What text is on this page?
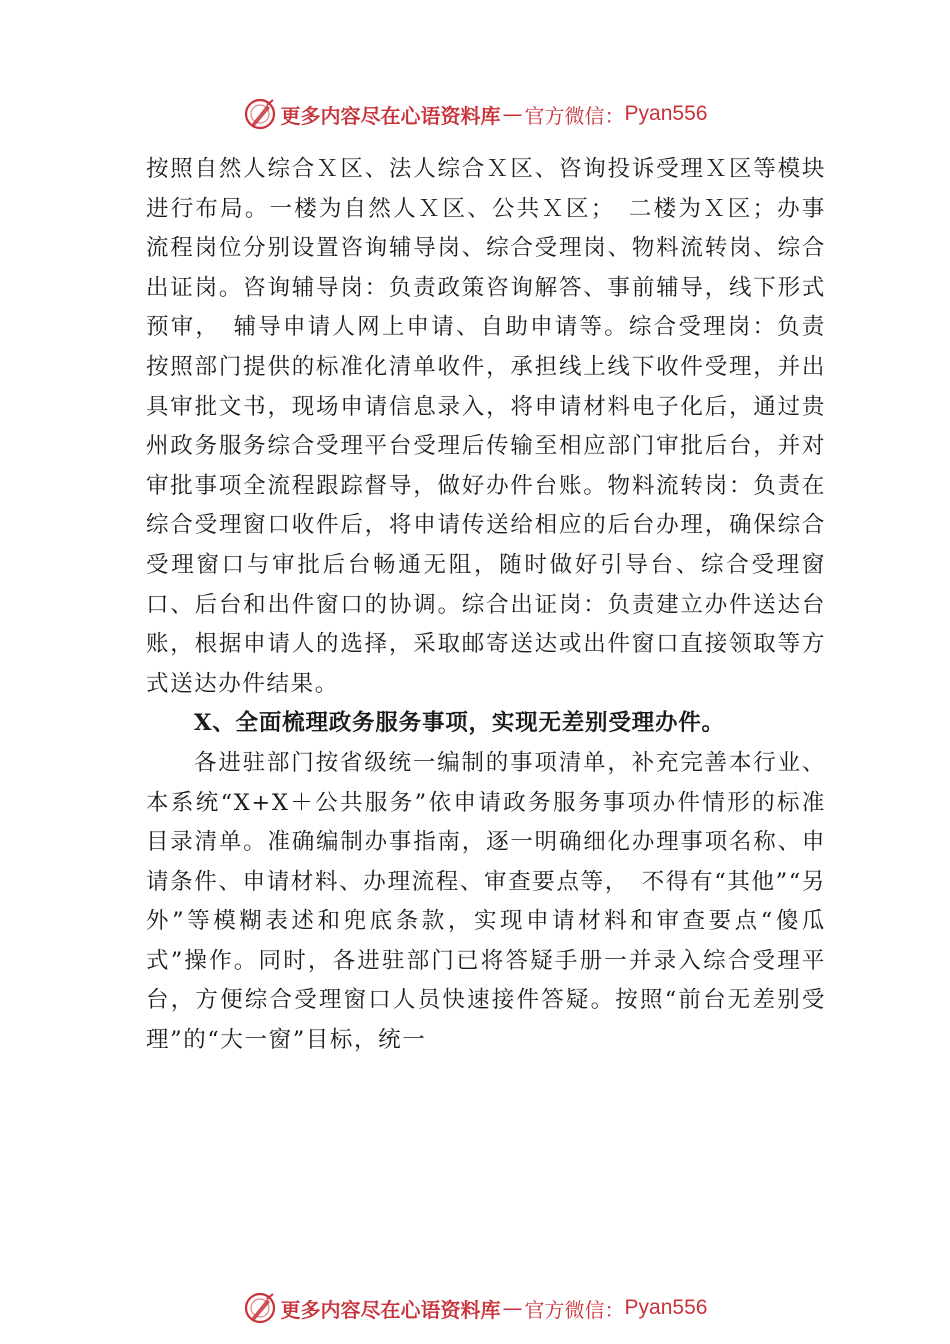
更多内容尽在心语资料库 — 官方微信： Pyan556

按照自然人综合Ｘ区、法人综合Ｘ区、咨询投诉受理Ｘ区等模块进行布局。一楼为自然人Ｘ区、公共Ｘ区；　二楼为Ｘ区；办事流程岗位分别设置咨询辅导岗、综合受理岗、物料流转岗、综合出证岗。咨询辅导岗：负责政策咨询解答、事前辅导，线下形式预审，　辅导申请人网上申请、自助申请等。综合受理岗：负责按照部门提供的标准化清单收件，承担线上线下收件受理，并出具审批文书，现场申请信息录入，将申请材料电子化后，通过贵州政务服务综合受理平台受理后传输至相应部门审批后台，并对审批事项全流程跟踪督导，做好办件台账。物料流转岗：负责在综合受理窗口收件后，将申请传送给相应的后台办理，确保综合受理窗口与审批后台畅通无阻，随时做好引导台、综合受理窗口、后台和出件窗口的协调。综合出证岗：负责建立办件送达台账，根据申请人的选择，采取邮寄送达或出件窗口直接领取等方式送达办件结果。

X、全面梳理政务服务事项，实现无差别受理办件。

各进驻部门按省级统一编制的事项清单，补充完善本行业、本系统“X+X＋公共服务”依申请政务服务事项办件情形的标准目录清单。准确编制办事指南，逐一明确细化办理事项名称、申请条件、申请材料、办理流程、审查要点等，　不得有“其他”“另外”等模糊表述和兜底条款，实现申请材料和审查要点“傻瓜式”操作。同时，各进驻部门已将答疑手册一并录入综合受理平台，方便综合受理窗口人员快速接件答疑。按照“前台无差别受理”的“大一窗”目标，统一

更多内容尽在心语资料库 — 官方微信： Pyan556
